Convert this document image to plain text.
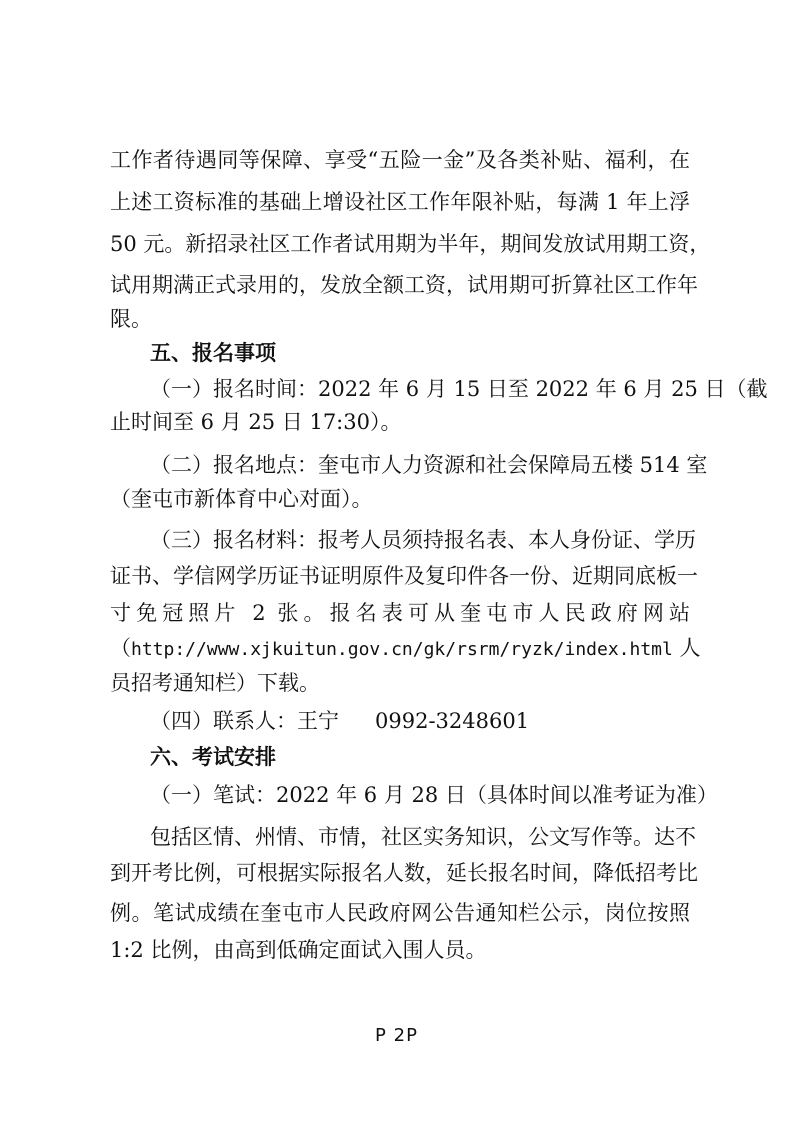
工作者待遇同等保障、享受“五险一金”及各类补贴、福利，在
上述工资标准的基础上增设社区工作年限补贴，每满 1 年上浮
50 元。新招录社区工作者试用期为半年，期间发放试用期工资，
试用期满正式录用的，发放全额工资，试用期可折算社区工作年
限。
五、报名事项
（一）报名时间：2022 年 6 月 15 日至 2022 年 6 月 25 日（截
止时间至 6 月 25 日 17:30）。
（二）报名地点：奎屯市人力资源和社会保障局五楼 514 室
（奎屯市新体育中心对面）。
（三）报名材料：报考人员须持报名表、本人身份证、学历
证书、学信网学历证书证明原件及复印件各一份、近期同底板一
寸免冠照片 2 张。报名表可从奎屯市人民政府网站
（http://www.xjkuitun.gov.cn/gk/rsrm/ryzk/index.html 人
员招考通知栏）下载。
（四）联系人：王宁 0992-3248601
六、考试安排
（一）笔试：2022 年 6 月 28 日（具体时间以准考证为准）
包括区情、州情、市情，社区实务知识，公文写作等。达不
到开考比例，可根据实际报名人数，延长报名时间，降低招考比
例。笔试成绩在奎屯市人民政府网公告通知栏公示，岗位按照
1:2 比例，由高到低确定面试入围人员。
P 2P
